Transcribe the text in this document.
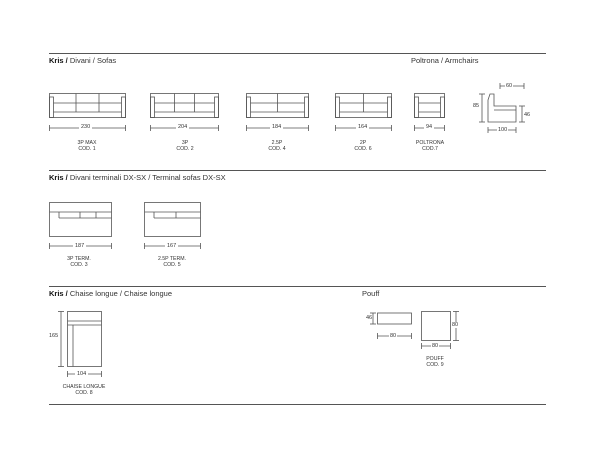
Kris / Divani / Sofas	Poltrona / Armchairs
230
3P MAX
COD. 1
204
3P
COD. 2
184
2.5P
COD. 4
164
2P
COD. 6
94
POLTRONA
COD.7
60
85
46
100
Kris / Divani terminali DX-SX / Terminal sofas DX-SX
187
3P TERM.
COD. 3
167
2.5P TERM.
COD. 5
Kris / Chaise longue / Chaise longue	Pouff
165
104
CHAISE LONGUE
COD. 8
46
80
80
80
POUFF
COD. 9
